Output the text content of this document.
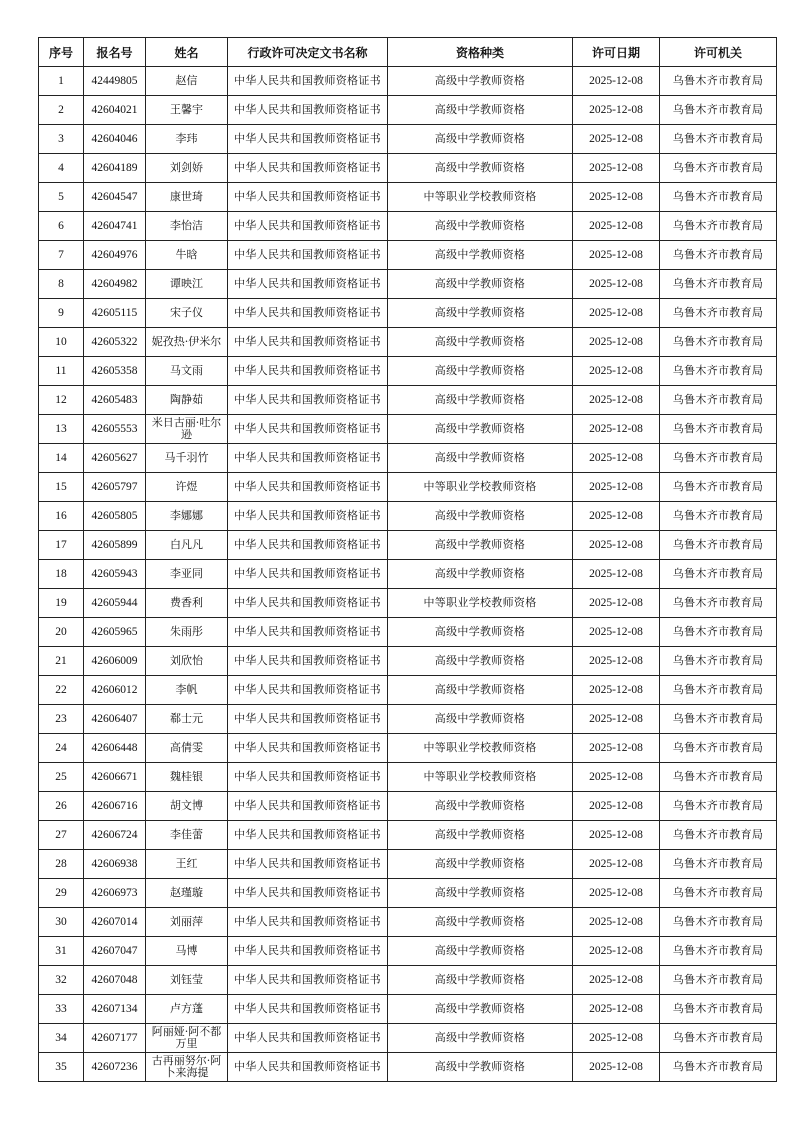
序号	报名号	姓名	行政许可决定文书名称	资格种类	许可日期	许可机关
1	42449805	赵信	中华人民共和国教师资格证书	高级中学教师资格	2025-12-08	乌鲁木齐市教育局
2	42604021	王馨宇	中华人民共和国教师资格证书	高级中学教师资格	2025-12-08	乌鲁木齐市教育局
3	42604046	李玮	中华人民共和国教师资格证书	高级中学教师资格	2025-12-08	乌鲁木齐市教育局
4	42604189	刘剑娇	中华人民共和国教师资格证书	高级中学教师资格	2025-12-08	乌鲁木齐市教育局
5	42604547	康世琦	中华人民共和国教师资格证书	中等职业学校教师资格	2025-12-08	乌鲁木齐市教育局
6	42604741	李怡洁	中华人民共和国教师资格证书	高级中学教师资格	2025-12-08	乌鲁木齐市教育局
7	42604976	牛晗	中华人民共和国教师资格证书	高级中学教师资格	2025-12-08	乌鲁木齐市教育局
8	42604982	谭映江	中华人民共和国教师资格证书	高级中学教师资格	2025-12-08	乌鲁木齐市教育局
9	42605115	宋子仪	中华人民共和国教师资格证书	高级中学教师资格	2025-12-08	乌鲁木齐市教育局
10	42605322	妮孜热·伊米尔	中华人民共和国教师资格证书	高级中学教师资格	2025-12-08	乌鲁木齐市教育局
11	42605358	马文雨	中华人民共和国教师资格证书	高级中学教师资格	2025-12-08	乌鲁木齐市教育局
12	42605483	陶静茹	中华人民共和国教师资格证书	高级中学教师资格	2025-12-08	乌鲁木齐市教育局
13	42605553	米日古丽·吐尔逊	中华人民共和国教师资格证书	高级中学教师资格	2025-12-08	乌鲁木齐市教育局
14	42605627	马千羽竹	中华人民共和国教师资格证书	高级中学教师资格	2025-12-08	乌鲁木齐市教育局
15	42605797	许煜	中华人民共和国教师资格证书	中等职业学校教师资格	2025-12-08	乌鲁木齐市教育局
16	42605805	李娜娜	中华人民共和国教师资格证书	高级中学教师资格	2025-12-08	乌鲁木齐市教育局
17	42605899	白凡凡	中华人民共和国教师资格证书	高级中学教师资格	2025-12-08	乌鲁木齐市教育局
18	42605943	李亚同	中华人民共和国教师资格证书	高级中学教师资格	2025-12-08	乌鲁木齐市教育局
19	42605944	费香利	中华人民共和国教师资格证书	中等职业学校教师资格	2025-12-08	乌鲁木齐市教育局
20	42605965	朱雨彤	中华人民共和国教师资格证书	高级中学教师资格	2025-12-08	乌鲁木齐市教育局
21	42606009	刘欣怡	中华人民共和国教师资格证书	高级中学教师资格	2025-12-08	乌鲁木齐市教育局
22	42606012	李帆	中华人民共和国教师资格证书	高级中学教师资格	2025-12-08	乌鲁木齐市教育局
23	42606407	郗士元	中华人民共和国教师资格证书	高级中学教师资格	2025-12-08	乌鲁木齐市教育局
24	42606448	高倩雯	中华人民共和国教师资格证书	中等职业学校教师资格	2025-12-08	乌鲁木齐市教育局
25	42606671	魏桂银	中华人民共和国教师资格证书	中等职业学校教师资格	2025-12-08	乌鲁木齐市教育局
26	42606716	胡文博	中华人民共和国教师资格证书	高级中学教师资格	2025-12-08	乌鲁木齐市教育局
27	42606724	李佳蕾	中华人民共和国教师资格证书	高级中学教师资格	2025-12-08	乌鲁木齐市教育局
28	42606938	王红	中华人民共和国教师资格证书	高级中学教师资格	2025-12-08	乌鲁木齐市教育局
29	42606973	赵瑾璇	中华人民共和国教师资格证书	高级中学教师资格	2025-12-08	乌鲁木齐市教育局
30	42607014	刘丽萍	中华人民共和国教师资格证书	高级中学教师资格	2025-12-08	乌鲁木齐市教育局
31	42607047	马博	中华人民共和国教师资格证书	高级中学教师资格	2025-12-08	乌鲁木齐市教育局
32	42607048	刘钰莹	中华人民共和国教师资格证书	高级中学教师资格	2025-12-08	乌鲁木齐市教育局
33	42607134	卢方蓬	中华人民共和国教师资格证书	高级中学教师资格	2025-12-08	乌鲁木齐市教育局
34	42607177	阿丽娅·阿不都万里	中华人民共和国教师资格证书	高级中学教师资格	2025-12-08	乌鲁木齐市教育局
35	42607236	古再丽努尔·阿卜来海提	中华人民共和国教师资格证书	高级中学教师资格	2025-12-08	乌鲁木齐市教育局
